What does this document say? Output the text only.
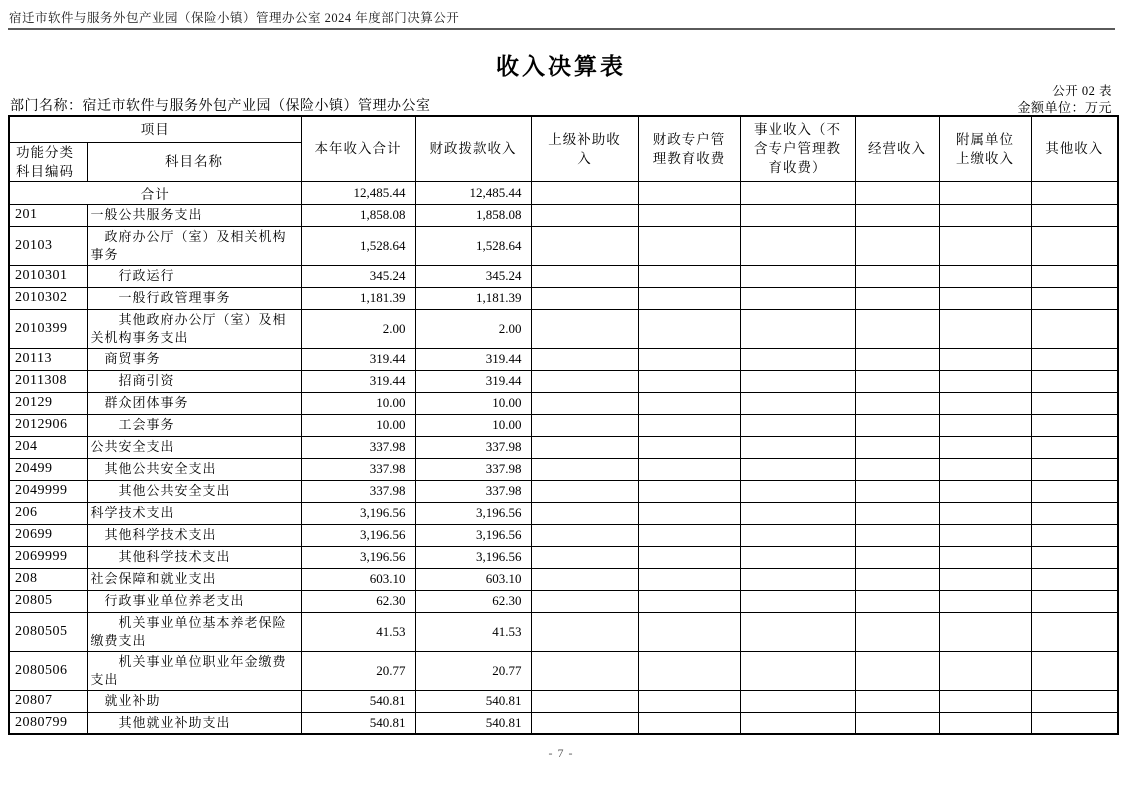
宿迁市软件与服务外包产业园（保险小镇）管理办公室 2024 年度部门决算公开
收入决算表
公开 02 表
部门名称：宿迁市软件与服务外包产业园（保险小镇）管理办公室	金额单位：万元
项目		本年收入合计	财政拨款收入	上级补助收入	财政专户管理教育收费	事业收入（不含专户管理教育收费）	经营收入	附属单位上缴收入	其他收入
功能分类科目编码	科目名称								
合计		12,485.44	12,485.44						
201	一般公共服务支出	1,858.08	1,858.08						
20103	政府办公厅（室）及相关机构事务	1,528.64	1,528.64						
2010301	行政运行	345.24	345.24						
2010302	一般行政管理事务	1,181.39	1,181.39						
2010399	其他政府办公厅（室）及相关机构事务支出	2.00	2.00						
20113	商贸事务	319.44	319.44						
2011308	招商引资	319.44	319.44						
20129	群众团体事务	10.00	10.00						
2012906	工会事务	10.00	10.00						
204	公共安全支出	337.98	337.98						
20499	其他公共安全支出	337.98	337.98						
2049999	其他公共安全支出	337.98	337.98						
206	科学技术支出	3,196.56	3,196.56						
20699	其他科学技术支出	3,196.56	3,196.56						
2069999	其他科学技术支出	3,196.56	3,196.56						
208	社会保障和就业支出	603.10	603.10						
20805	行政事业单位养老支出	62.30	62.30						
2080505	机关事业单位基本养老保险缴费支出	41.53	41.53						
2080506	机关事业单位职业年金缴费支出	20.77	20.77						
20807	就业补助	540.81	540.81						
2080799	其他就业补助支出	540.81	540.81						
- 7 -
